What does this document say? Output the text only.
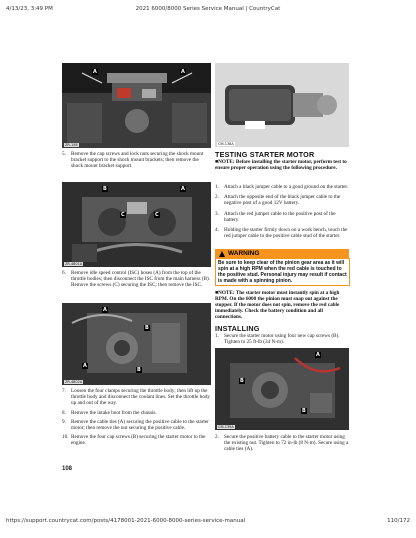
4/13/23, 3:49 PM	2021 6000/8000 Series Service Manual | CountryCat
A	A
ZR-158
5. Remove the cap screws and lock nuts securing the shock mount bracket support to the shock mount brackets; then remove the shock mount bracket support.
B	A
C	C
ZR-4801A
6. Remove idle speed control (ISC) hoses (A) from the top of the throttle bodies; then disconnect the ISC from the main harness (B). Remove the screws (C) securing the ISC; then remove the ISC.
A
B
B
A
ZR-4802A
7. Loosen the four clamps securing the throttle body; then lift up the throttle body and disconnect the coolant lines. Set the throttle body up and out of the way.
8. Remove the intake boot from the chassis.
9. Remove the cable ties (A) securing the positive cable to the starter motor; then remove the nut securing the positive cable.
10. Remove the four cap screws (B) securing the starter motor to the engine.
108
CM-138A
TESTING STARTER MOTOR
■NOTE: Before installing the starter motor, perform test to ensure proper operation using the following procedure.
1. Attach a black jumper cable to a good ground on the starter.
2. Attach the opposite end of the black jumper cable to the negative post of a good 12V battery.
3. Attach the red jumper cable to the positive post of the battery.
4. Holding the starter firmly down on a work bench, touch the red jumper cable to the positive cable stud of the starter.
WARNING
Be sure to keep clear of the pinion gear area as it will spin at a high RPM when the red cable is touched to the positive stud. Personal injury may result if contact is made with a spinning pinion.
■NOTE: The starter motor must instantly spin at a high RPM. On the 6000 the pinion must snap out against the stopper. If the motor does not spin, remove the red cable immediately. Check the battery condition and all connections.
INSTALLING
1. Secure the starter motor using four new cap screws (B). Tighten to 25 ft-lb (34 N-m).
A
B
B
CM-139A
2. Secure the positive battery cable to the starter motor using the existing nut. Tighten to 72 in-lb (8 N-m). Secure using a cable ties (A).
https://support.countrycat.com/posts/4178001-2021-6000-8000-series-service-manual	110/172
